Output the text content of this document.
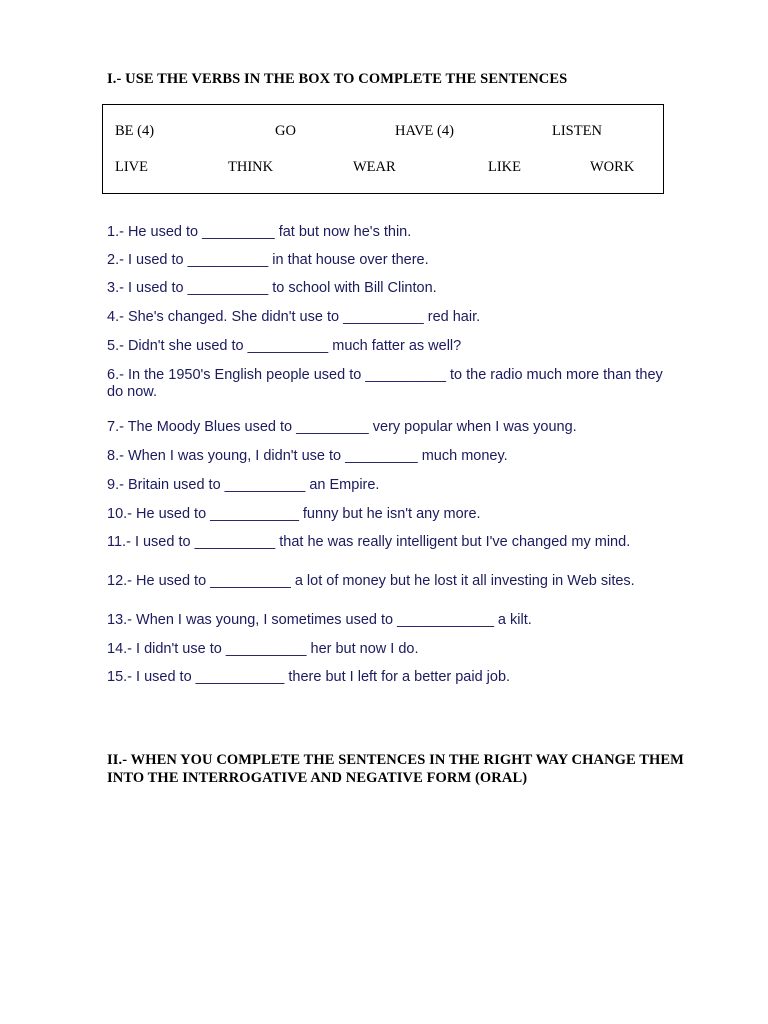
I.- USE THE VERBS IN THE BOX TO COMPLETE THE SENTENCES
BE (4)	GO	HAVE (4)	LISTEN
LIVE	THINK	WEAR	LIKE	WORK
1.- He used to _________ fat but now he's thin.
2.- I used to __________ in that house over there.
3.- I used to __________ to school with Bill Clinton.
4.- She's changed. She didn't use to __________ red hair.
5.- Didn't she used to __________ much fatter as well?
6.- In the 1950's English people used to __________ to the radio much more than they do now.
7.- The Moody Blues used to _________ very popular when I was young.
8.- When I was young, I didn't use to _________ much money.
9.- Britain used to __________ an Empire.
10.- He used to ___________ funny but he isn't any more.
11.- I used to __________ that he was really intelligent but I've changed my mind.
12.- He used to __________ a lot of money but he lost it all investing in Web sites.
13.- When I was young, I sometimes used to ____________ a kilt.
14.- I didn't use to __________ her but now I do.
15.- I used to ___________ there but I left for a better paid job.
II.- WHEN YOU COMPLETE THE SENTENCES IN THE RIGHT WAY CHANGE THEM INTO THE INTERROGATIVE AND NEGATIVE FORM (ORAL)
